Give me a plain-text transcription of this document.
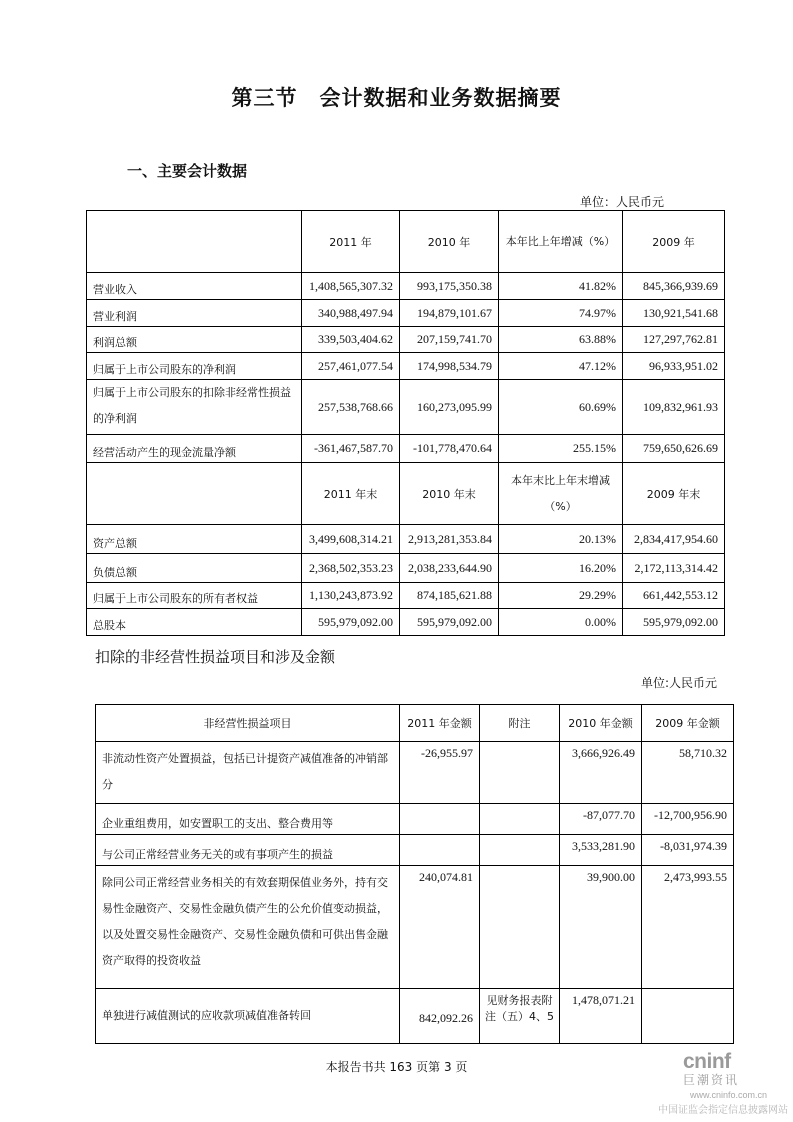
第三节　会计数据和业务数据摘要
一、主要会计数据
单位：人民币元
	2011 年	2010 年	本年比上年增减（%）	2009 年
营业收入	1,408,565,307.32	993,175,350.38	41.82%	845,366,939.69
营业利润	340,988,497.94	194,879,101.67	74.97%	130,921,541.68
利润总额	339,503,404.62	207,159,741.70	63.88%	127,297,762.81
归属于上市公司股东的净利润	257,461,077.54	174,998,534.79	47.12%	96,933,951.02
归属于上市公司股东的扣除非经常性损益的净利润	257,538,768.66	160,273,095.99	60.69%	109,832,961.93
经营活动产生的现金流量净额	-361,467,587.70	-101,778,470.64	255.15%	759,650,626.69
	2011 年末	2010 年末	本年末比上年末增减（%）	2009 年末
资产总额	3,499,608,314.21	2,913,281,353.84	20.13%	2,834,417,954.60
负债总额	2,368,502,353.23	2,038,233,644.90	16.20%	2,172,113,314.42
归属于上市公司股东的所有者权益	1,130,243,873.92	874,185,621.88	29.29%	661,442,553.12
总股本	595,979,092.00	595,979,092.00	0.00%	595,979,092.00
扣除的非经营性损益项目和涉及金额
单位:人民币元
非经营性损益项目	2011 年金额	附注	2010 年金额	2009 年金额
非流动性资产处置损益，包括已计提资产减值准备的冲销部分	-26,955.97		3,666,926.49	58,710.32
企业重组费用，如安置职工的支出、整合费用等			-87,077.70	-12,700,956.90
与公司正常经营业务无关的或有事项产生的损益			3,533,281.90	-8,031,974.39
除同公司正常经营业务相关的有效套期保值业务外，持有交易性金融资产、交易性金融负债产生的公允价值变动损益，以及处置交易性金融资产、交易性金融负债和可供出售金融资产取得的投资收益	240,074.81		39,900.00	2,473,993.55
单独进行减值测试的应收款项减值准备转回	842,092.26	见财务报表附注（五）4、5	1,478,071.21	
本报告书共 163 页第 3 页	cninf
巨潮资讯
www.cninfo.com.cn
中国证监会指定信息披露网站
